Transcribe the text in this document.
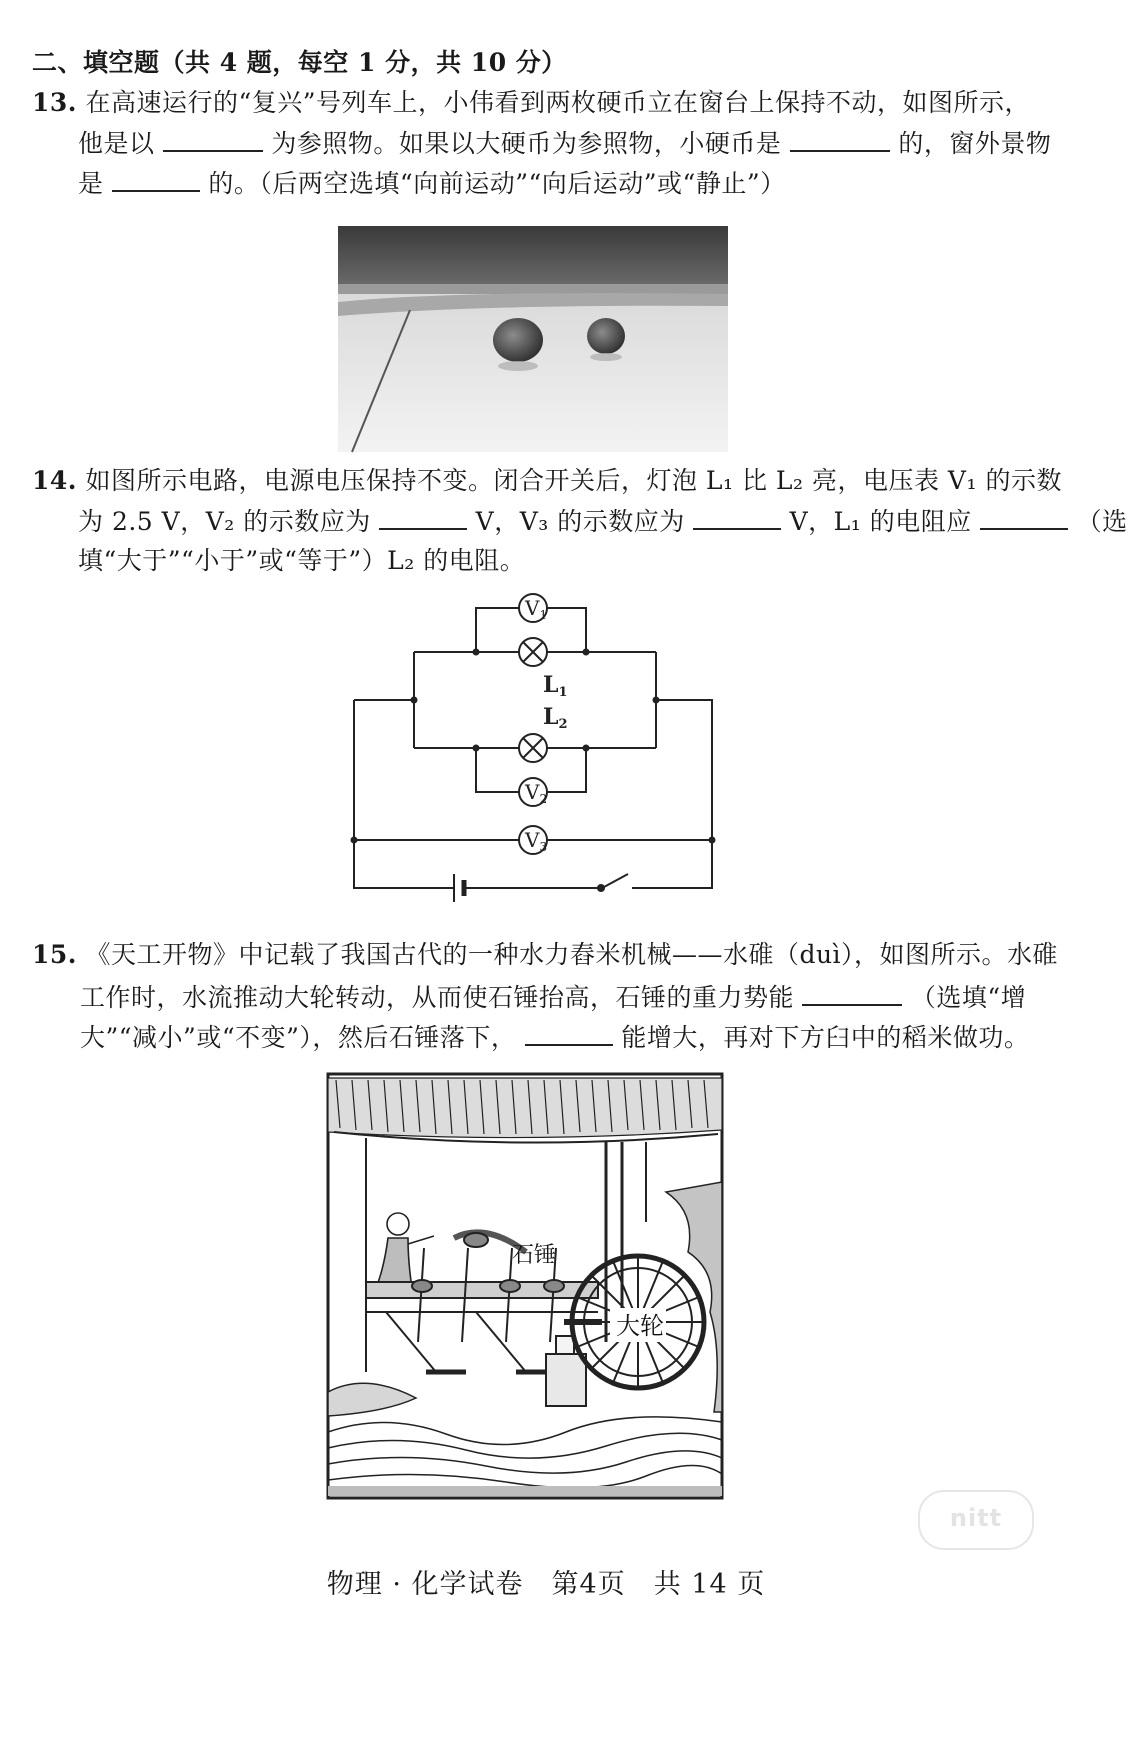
二、填空题（共 4 题，每空 1 分，共 10 分）
13. 在高速运行的“复兴”号列车上，小伟看到两枚硬币立在窗台上保持不动，如图所示，
他是以	为参照物。如果以大硬币为参照物，小硬币是	的，窗外景物
是	的。（后两空选填“向前运动”“向后运动”或“静止”）
14. 如图所示电路，电源电压保持不变。闭合开关后，灯泡 L₁ 比 L₂ 亮，电压表 V₁ 的示数
为 2.5 V，V₂ 的示数应为	V，V₃ 的示数应为	V，L₁ 的电阻应	（选
填“大于”“小于”或“等于”）L₂ 的电阻。
$V_1$
$V_2$
$V_3$
L1
L2
15. 《天工开物》中记载了我国古代的一种水力舂米机械——水碓（duì），如图所示。水碓
工作时，水流推动大轮转动，从而使石锤抬高，石锤的重力势能	（选填“增
大”“减小”或“不变”），然后石锤落下，	能增大，再对下方臼中的稻米做功。
石锤
大轮
nitt
物理 · 化学试卷　第4页　共 14 页
